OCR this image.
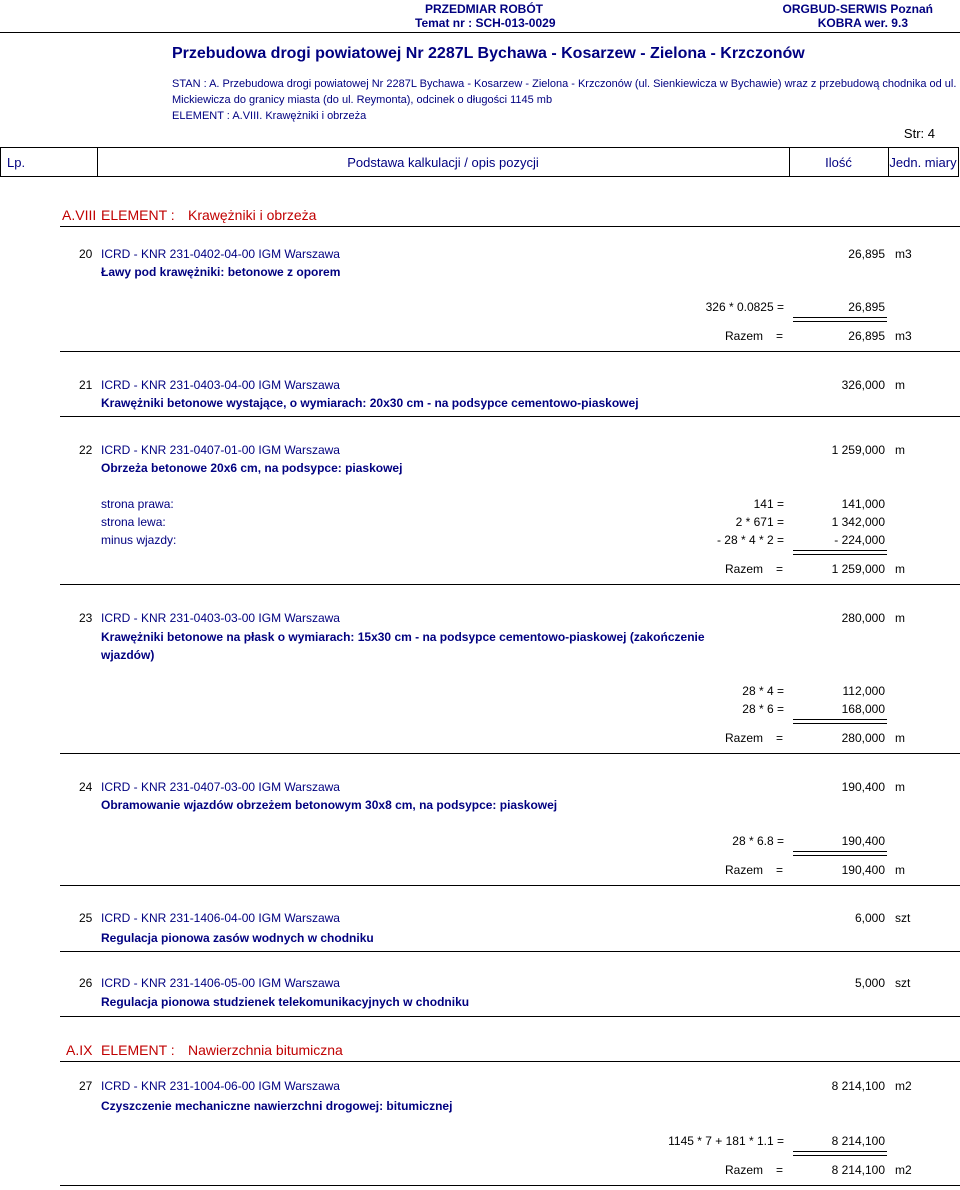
PRZEDMIAR ROBÓT
Temat nr : SCH-013-0029
ORGBUD-SERWIS Poznań
KOBRA wer. 9.3
Przebudowa drogi powiatowej Nr 2287L Bychawa - Kosarzew - Zielona - Krzczonów
STAN : A. Przebudowa drogi powiatowej Nr 2287L Bychawa - Kosarzew - Zielona - Krzczonów (ul. Sienkiewicza w Bychawie) wraz z przebudową chodnika od ul.
Mickiewicza do granicy miasta (do ul. Reymonta), odcinek o długości 1145 mb
ELEMENT : A.VIII. Krawężniki i obrzeża
Str: 4
Lp.	Podstawa kalkulacji / opis pozycji	Ilość	Jedn. miary
A.VIII ELEMENT : Krawężniki i obrzeża
20 ICRD - KNR 231-0402-04-00 IGM Warszawa
Ławy pod krawężniki: betonowe z oporem
26,895 m3
326 * 0.0825 =	26,895
Razem =	26,895 m3
21 ICRD - KNR 231-0403-04-00 IGM Warszawa
Krawężniki betonowe wystające, o wymiarach: 20x30 cm - na podsypce cementowo-piaskowej
326,000 m
22 ICRD - KNR 231-0407-01-00 IGM Warszawa
Obrzeża betonowe 20x6 cm, na podsypce: piaskowej
1 259,000 m
strona prawa:	141 =	141,000
strona lewa:	2 * 671 =	1 342,000
minus wjazdy:	- 28 * 4 * 2 =	- 224,000
Razem =	1 259,000 m
23 ICRD - KNR 231-0403-03-00 IGM Warszawa
Krawężniki betonowe na płask o wymiarach: 15x30 cm - na podsypce cementowo-piaskowej (zakończenie
wjazdów)
280,000 m
28 * 4 =	112,000
28 * 6 =	168,000
Razem =	280,000 m
24 ICRD - KNR 231-0407-03-00 IGM Warszawa
Obramowanie wjazdów obrzeżem betonowym 30x8 cm, na podsypce: piaskowej
190,400 m
28 * 6.8 =	190,400
Razem =	190,400 m
25 ICRD - KNR 231-1406-04-00 IGM Warszawa
Regulacja pionowa zasów wodnych w chodniku
6,000 szt
26 ICRD - KNR 231-1406-05-00 IGM Warszawa
Regulacja pionowa studzienek telekomunikacyjnych w chodniku
5,000 szt
A.IX ELEMENT : Nawierzchnia bitumiczna
27 ICRD - KNR 231-1004-06-00 IGM Warszawa
Czyszczenie mechaniczne nawierzchni drogowej: bitumicznej
8 214,100 m2
1145 * 7 + 181 * 1.1 =	8 214,100
Razem =	8 214,100 m2
